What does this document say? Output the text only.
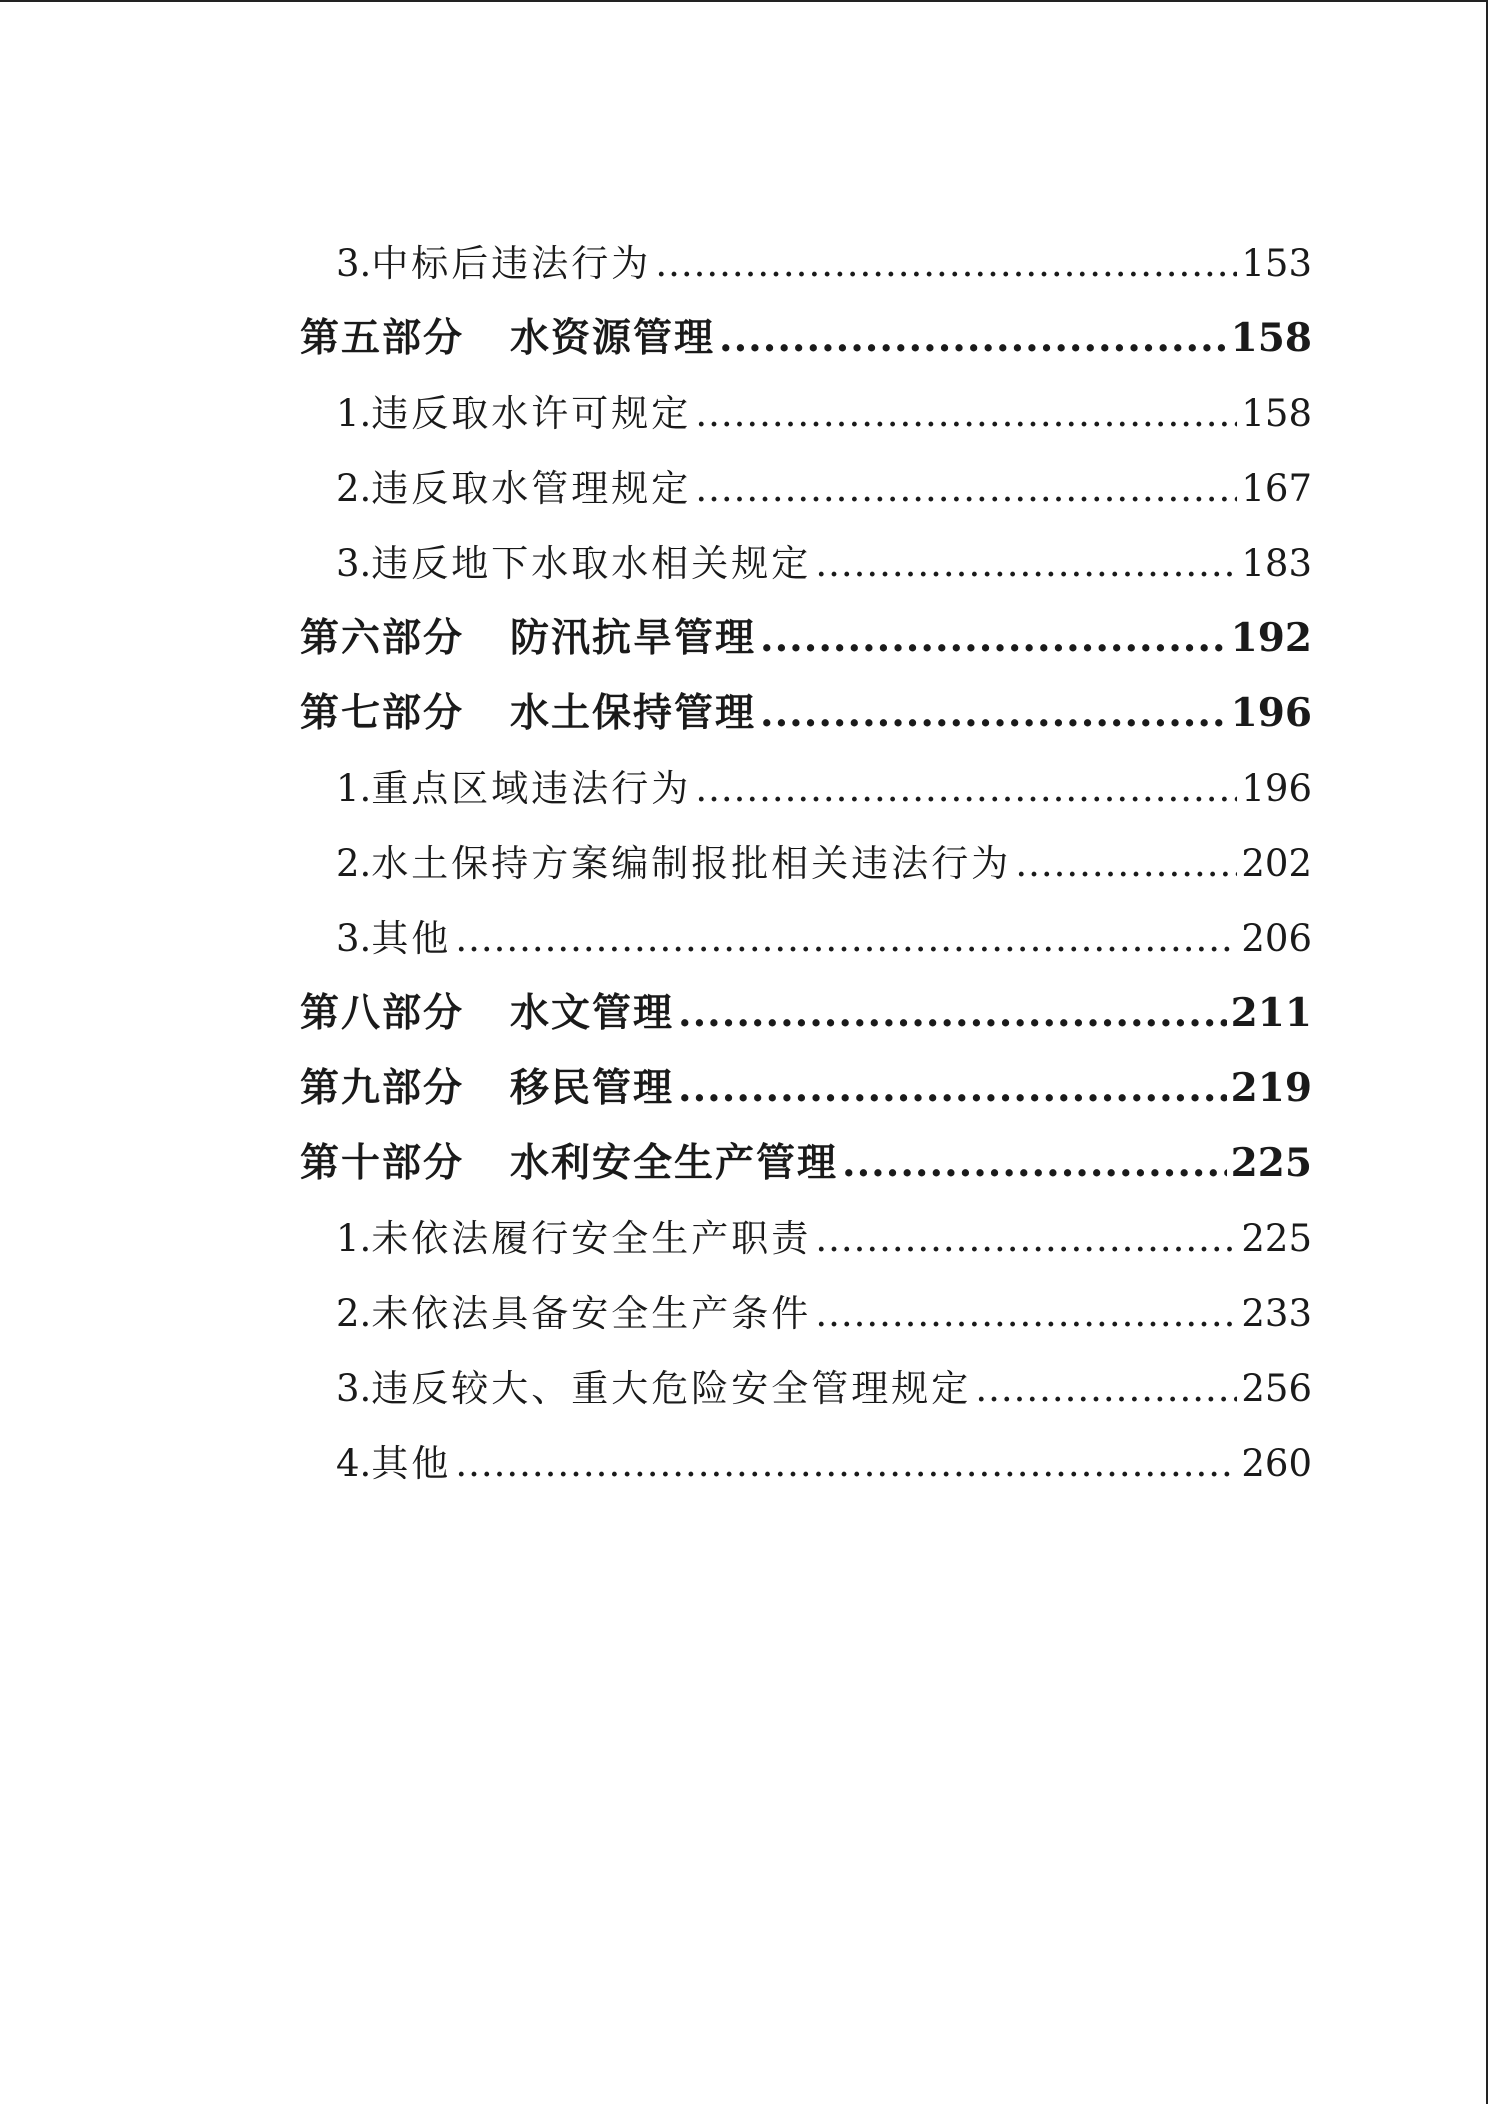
3. 中标后违法行为 .....	153
第五部分 水资源管理 .....	158
1. 违反取水许可规定 .....	158
2. 违反取水管理规定 .....	167
3. 违反地下水取水相关规定 .....	183
第六部分 防汛抗旱管理 .....	192
第七部分 水土保持管理 .....	196
1. 重点区域违法行为 .....	196
2. 水土保持方案编制报批相关违法行为 .....	202
3. 其他 .....	206
第八部分 水文管理 .....	211
第九部分 移民管理 .....	219
第十部分 水利安全生产管理 .....	225
1. 未依法履行安全生产职责 .....	225
2. 未依法具备安全生产条件 .....	233
3. 违反较大、重大危险安全管理规定 .....	256
4. 其他 .....	260
